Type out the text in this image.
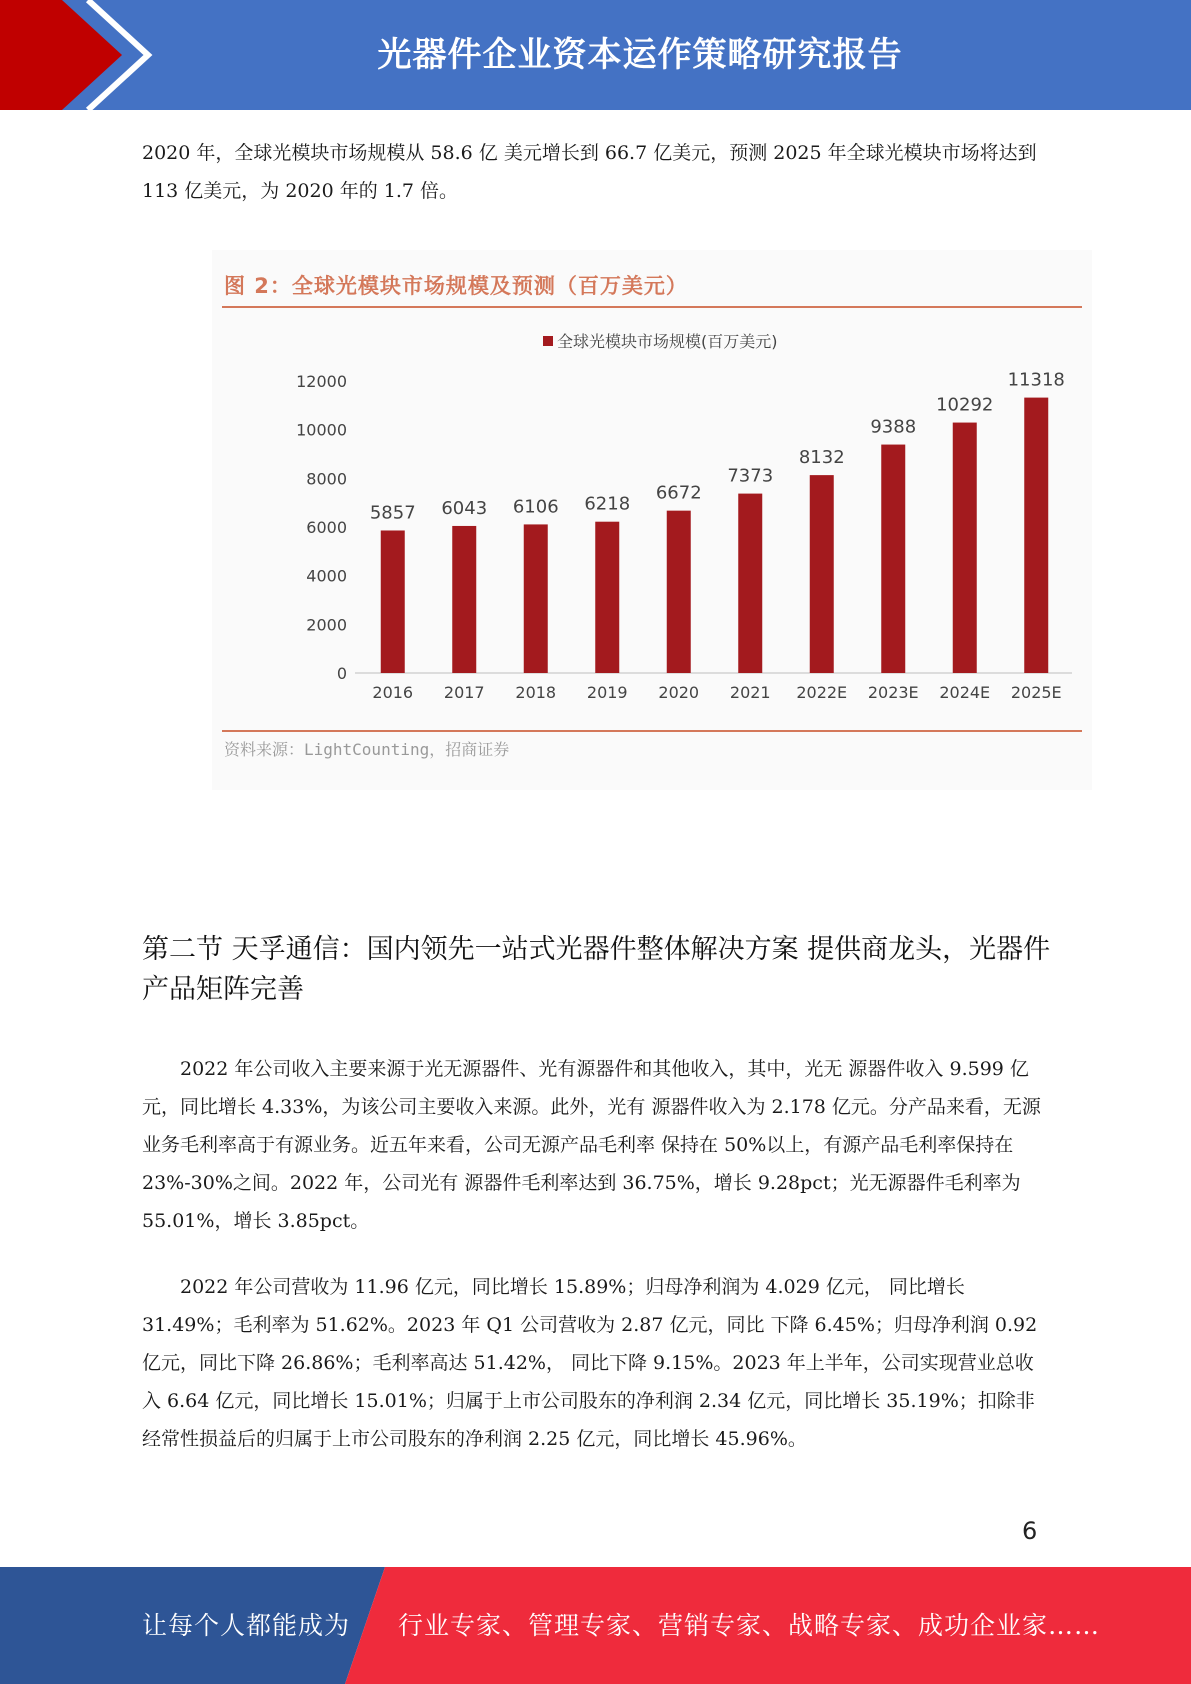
光器件企业资本运作策略研究报告

2020 年，全球光模块市场规模从 58.6 亿 美元增长到 66.7 亿美元，预测 2025 年全球光模块市场将达到 113 亿美元，为 2020 年的 1.7 倍。

图 2：全球光模块市场规模及预测（百万美元）
全球光模块市场规模(百万美元)
0
2000
4000
6000
8000
10000
12000
5857
2016
6043
2017
6106
2018
6218
2019
6672
2020
7373
2021
8132
2022E
9388
2023E
10292
2024E
11318
2025E
资料来源：LightCounting，招商证券
第二节 天孚通信：国内领先一站式光器件整体解决方案 提供商龙头，光器件产品矩阵完善

2022 年公司收入主要来源于光无源器件、光有源器件和其他收入，其中，光无 源器件收入 9.599 亿元，同比增长 4.33%，为该公司主要收入来源。此外，光有 源器件收入为 2.178 亿元。分产品来看，无源业务毛利率高于有源业务。近五年来看，公司无源产品毛利率 保持在 50%以上，有源产品毛利率保持在 23%-30%之间。2022 年，公司光有 源器件毛利率达到 36.75%，增长 9.28pct；光无源器件毛利率为 55.01%，增长 3.85pct。

2022 年公司营收为 11.96 亿元，同比增长 15.89%；归母净利润为 4.029 亿元， 同比增长 31.49%；毛利率为 51.62%。2023 年 Q1 公司营收为 2.87 亿元，同比 下降 6.45%；归母净利润 0.92 亿元，同比下降 26.86%；毛利率高达 51.42%， 同比下降 9.15%。2023 年上半年，公司实现营业总收入 6.64 亿元，同比增长 15.01%；归属于上市公司股东的净利润 2.34 亿元，同比增长 35.19%；扣除非 经常性损益后的归属于上市公司股东的净利润 2.25 亿元，同比增长 45.96%。

6
让每个人都能成为 行业专家、管理专家、营销专家、战略专家、成功企业家……
